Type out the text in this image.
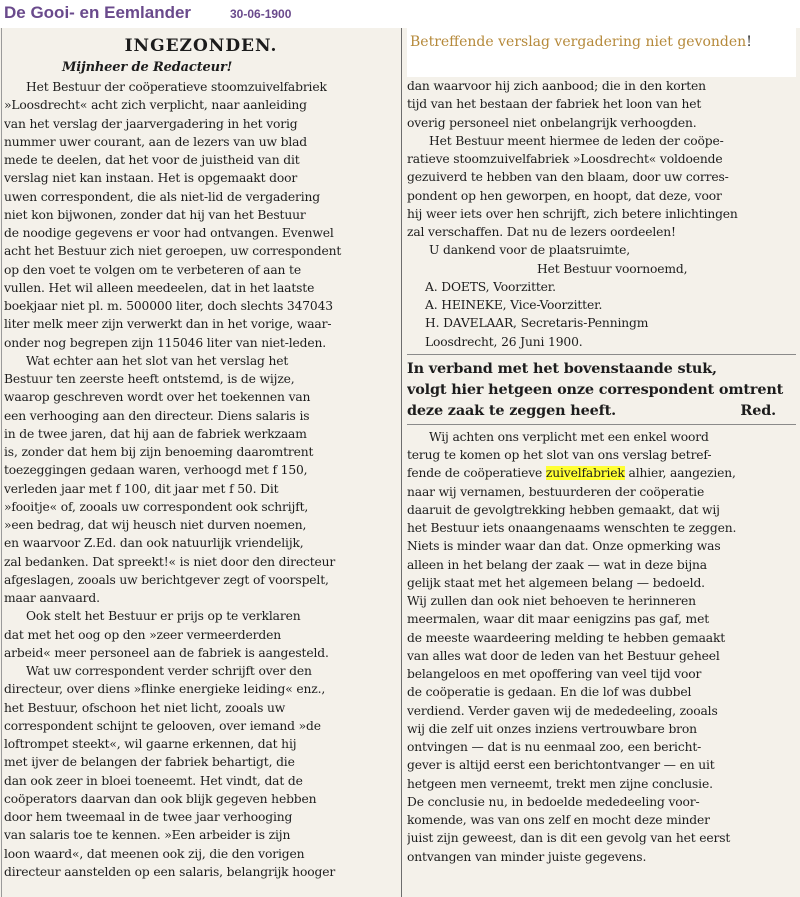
De Gooi- en Eemlander	30-06-1900
INGEZONDEN.
Mijnheer de Redacteur!
Het Bestuur der coöperatieve stoomzuivelfabriek
»Loosdrecht« acht zich verplicht, naar aanleiding
van het verslag der jaarvergadering in het vorig
nummer uwer courant, aan de lezers van uw blad
mede te deelen, dat het voor de juistheid van dit
verslag niet kan instaan. Het is opgemaakt door
uwen correspondent, die als niet-lid de vergadering
niet kon bijwonen, zonder dat hij van het Bestuur
de noodige gegevens er voor had ontvangen. Evenwel
acht het Bestuur zich niet geroepen, uw correspondent
op den voet te volgen om te verbeteren of aan te
vullen. Het wil alleen meedeelen, dat in het laatste
boekjaar niet pl. m. 500000 liter, doch slechts 347043
liter melk meer zijn verwerkt dan in het vorige, waar-
onder nog begrepen zijn 115046 liter van niet-leden.
Wat echter aan het slot van het verslag het
Bestuur ten zeerste heeft ontstemd, is de wijze,
waarop geschreven wordt over het toekennen van
een verhooging aan den directeur. Diens salaris is
in de twee jaren, dat hij aan de fabriek werkzaam
is, zonder dat hem bij zijn benoeming daaromtrent
toezeggingen gedaan waren, verhoogd met f 150,
verleden jaar met f 100, dit jaar met f 50. Dit
»fooitje« of, zooals uw correspondent ook schrijft,
»een bedrag, dat wij heusch niet durven noemen,
en waarvoor Z.Ed. dan ook natuurlijk vriendelijk,
zal bedanken. Dat spreekt!« is niet door den directeur
afgeslagen, zooals uw berichtgever zegt of voorspelt,
maar aanvaard.
Ook stelt het Bestuur er prijs op te verklaren
dat met het oog op den »zeer vermeerderden
arbeid« meer personeel aan de fabriek is aangesteld.
Wat uw correspondent verder schrijft over den
directeur, over diens »flinke energieke leiding« enz.,
het Bestuur, ofschoon het niet licht, zooals uw
correspondent schijnt te gelooven, over iemand »de
loftrompet steekt«, wil gaarne erkennen, dat hij
met ijver de belangen der fabriek behartigt, die
dan ook zeer in bloei toeneemt. Het vindt, dat de
coöperators daarvan dan ook blijk gegeven hebben
door hem tweemaal in de twee jaar verhooging
van salaris toe te kennen. »Een arbeider is zijn
loon waard«, dat meenen ook zij, die den vorigen
directeur aanstelden op een salaris, belangrijk hooger
dan waarvoor hij zich aanbood; die in den korten
tijd van het bestaan der fabriek het loon van het
overig personeel niet onbelangrijk verhoogden.
Het Bestuur meent hiermee de leden der coöpe-
ratieve stoomzuivelfabriek »Loosdrecht« voldoende
gezuiverd te hebben van den blaam, door uw corres-
pondent op hen geworpen, en hoopt, dat deze, voor
hij weer iets over hen schrijft, zich betere inlichtingen
zal verschaffen. Dat nu de lezers oordeelen!
U dankend voor de plaatsruimte,
Het Bestuur voornoemd,
A. DOETS, Voorzitter.
A. HEINEKE, Vice-Voorzitter.
H. DAVELAAR, Secretaris-Penningm
Loosdrecht, 26 Juni 1900.
In verband met het bovenstaande stuk,
volgt hier hetgeen onze correspondent omtrent
deze zaak te zeggen heeft.	Red.
Wij achten ons verplicht met een enkel woord
terug te komen op het slot van ons verslag betref-
fende de coöperatieve zuivelfabriek alhier, aangezien,
naar wij vernamen, bestuurderen der coöperatie
daaruit de gevolgtrekking hebben gemaakt, dat wij
het Bestuur iets onaangenaams wenschten te zeggen.
Niets is minder waar dan dat. Onze opmerking was
alleen in het belang der zaak — wat in deze bijna
gelijk staat met het algemeen belang — bedoeld.
Wij zullen dan ook niet behoeven te herinneren
meermalen, waar dit maar eenigzins pas gaf, met
de meeste waardeering melding te hebben gemaakt
van alles wat door de leden van het Bestuur geheel
belangeloos en met opoffering van veel tijd voor
de coöperatie is gedaan. En die lof was dubbel
verdiend. Verder gaven wij de mededeeling, zooals
wij die zelf uit onzes inziens vertrouwbare bron
ontvingen — dat is nu eenmaal zoo, een bericht-
gever is altijd eerst een berichtontvanger — en uit
hetgeen men verneemt, trekt men zijne conclusie.
De conclusie nu, in bedoelde mededeeling voor-
komende, was van ons zelf en mocht deze minder
juist zijn geweest, dan is dit een gevolg van het eerst
ontvangen van minder juiste gegevens.
Betreffende verslag vergadering niet gevonden!
